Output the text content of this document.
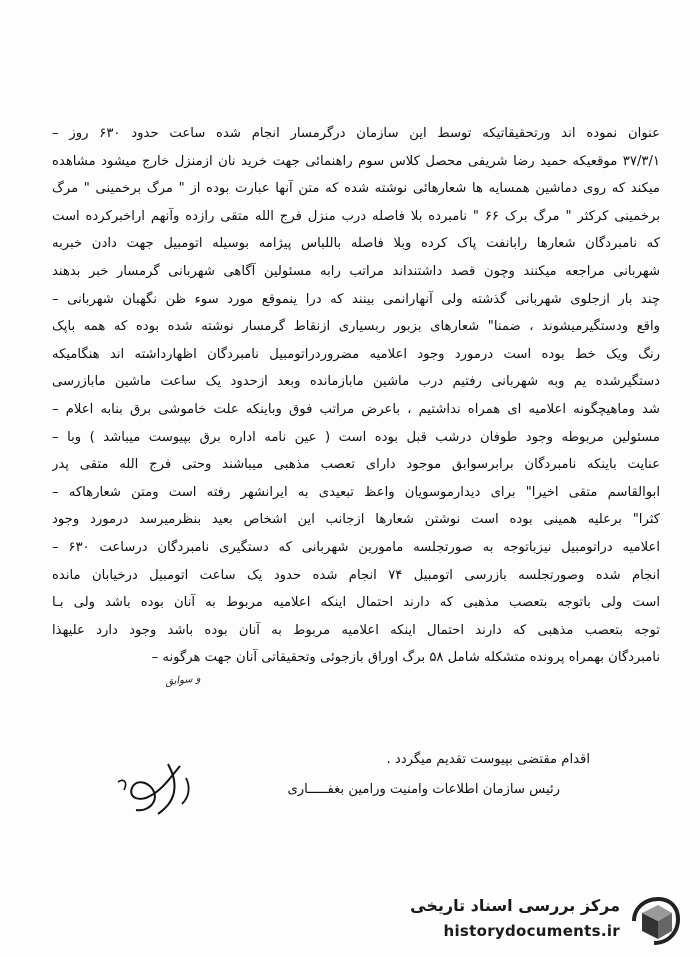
عنوان نموده اند ورتحقیقاتیکه توسط این سازمان درگرمسار انجام شده ساعت حدود ۶۳۰ روز –
۳۷/۳/۱ موقعیکه حمید رضا شریفی محصل کلاس سوم راهنمائی جهت خرید نان ازمنزل خارج میشود مشاهده
میکند که روی دماشین همسایه ها شعارهائی نوشته شده که متن آنها عبارت بوده از " مرگ برخمینی " مرگ
برخمینی کرکثر " مرگ برک ۶۶ " نامبرده بلا فاصله درب منزل فرج الله متقی رازده وآنهم اراخبرکرده است
که نامبردگان شعارها رابانفت پاک کرده وبلا فاصله باللباس پیژامه بوسیله اتومبیل جهت دادن خبربه
شهربانی مراجعه میکنند وچون قصد داشتنداند مراتب رابه مسئولین آگاهی شهربانی گرمسار خبر بدهند
چند بار ازجلوی شهربانی گذشته ولی آنهارانمی بینند که درا ینموقع مورد سوء ظن نگهبان شهربانی –
واقع ودستگیرمیشوند ، ضمنا" شعارهای بزبور ربسیاری ازنقاط گرمسار نوشته شده بوده که همه باپک
رنگ ویک خط بوده است درمورد وجود اعلامیه مضروردراتومبیل نامبردگان اظهارداشته اند هنگامیکه
دستگیرشده یم وبه شهربانی رفتیم درب ماشین مابازمانده وبعد ازحدود یک ساعت ماشین مابازرسی
شد وماهیچگونه اعلامیه ای همراه نداشتیم ، باعرض مراتب فوق وباینکه علت خاموشی برق بنابه اعلام –
مسئولین مربوطه وجود طوفان درشب قبل بوده است ( عین نامه اداره برق بپیوست میباشد ) وبا –
عنایت باینکه نامبردگان برابرسوابق موجود دارای تعصب مذهبی میباشند وحتی فرج الله متقی پدر
ابوالقاسم متقی اخیرا" برای دیدارموسویان واعظ تبعیدی به ایرانشهر رفته است ومتن شعارهاکه –
کثرا" برعلیه همینی بوده است نوشتن شعارها ازجانب این اشخاص بعید بنظرمیرسد درمورد وجود
اعلامیه دراتومبیل نیزباتوجه به صورتجلسه مامورین شهربانی که دستگیری نامبردگان درساعت ۶۳۰ –
انجام شده وصورتجلسه بازرسی اتومبیل ۷۴ انجام شده حدود یک ساعت اتومبیل درخیابان مانده
است ولی باتوجه بتعصب مذهبی که دارند احتمال اینکه اعلامیه مربوط به آنان بوده باشد ولی بـا
توجه بتعصب مذهبی که دارند احتمال اینکه اعلامیه مربوط به آنان بوده باشد وجود دارد علیهذا
نامبردگان بهمراه پرونده متشکله شامل ۵۸ برگ اوراق بازجوئی وتحقیقاتی آنان جهت هرگونه –
و سوابق
اقدام مقتضی بپیوست تقدیم میگردد .
رئیس سازمان اطلاعات وامنیت ورامین بغفـــــاری
مرکز بررسی اسناد تاریخی
historydocuments.ir
